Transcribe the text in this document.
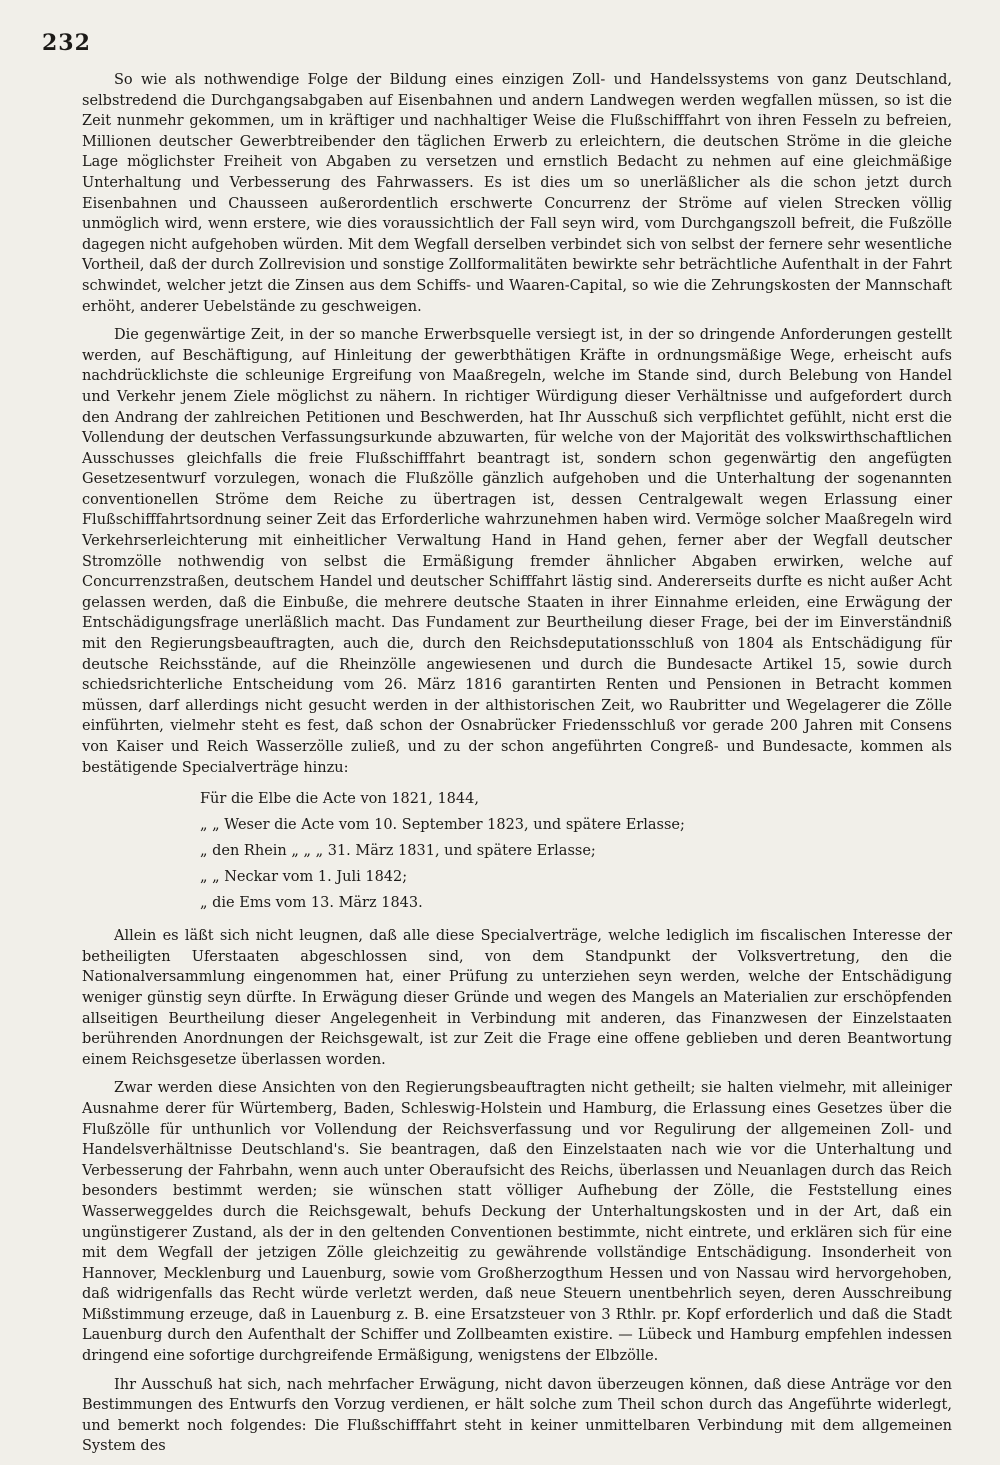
232

So wie als nothwendige Folge der Bildung eines einzigen Zoll- und Handelssystems von ganz Deutschland, selbstredend die Durchgangsabgaben auf Eisenbahnen und andern Landwegen werden wegfallen müssen, so ist die Zeit nunmehr gekommen, um in kräftiger und nachhaltiger Weise die Flußschifffahrt von ihren Fesseln zu befreien, Millionen deutscher Gewerbtreibender den täglichen Erwerb zu erleichtern, die deutschen Ströme in die gleiche Lage möglichster Freiheit von Abgaben zu versetzen und ernstlich Bedacht zu nehmen auf eine gleichmäßige Unterhaltung und Verbesserung des Fahrwassers. Es ist dies um so unerläßlicher als die schon jetzt durch Eisenbahnen und Chausseen außerordentlich erschwerte Concurrenz der Ströme auf vielen Strecken völlig unmöglich wird, wenn erstere, wie dies voraussichtlich der Fall seyn wird, vom Durchgangszoll befreit, die Fußzölle dagegen nicht aufgehoben würden. Mit dem Wegfall derselben verbindet sich von selbst der fernere sehr wesentliche Vortheil, daß der durch Zollrevision und sonstige Zollformalitäten bewirkte sehr beträchtliche Aufenthalt in der Fahrt schwindet, welcher jetzt die Zinsen aus dem Schiffs- und Waaren-Capital, so wie die Zehrungskosten der Mannschaft erhöht, anderer Uebelstände zu geschweigen.

Die gegenwärtige Zeit, in der so manche Erwerbsquelle versiegt ist, in der so dringende Anforderungen gestellt werden, auf Beschäftigung, auf Hinleitung der gewerbthätigen Kräfte in ordnungsmäßige Wege, erheischt aufs nachdrücklichste die schleunige Ergreifung von Maaßregeln, welche im Stande sind, durch Belebung von Handel und Verkehr jenem Ziele möglichst zu nähern. In richtiger Würdigung dieser Verhältnisse und aufgefordert durch den Andrang der zahlreichen Petitionen und Beschwerden, hat Ihr Ausschuß sich verpflichtet gefühlt, nicht erst die Vollendung der deutschen Verfassungsurkunde abzuwarten, für welche von der Majorität des volkswirthschaftlichen Ausschusses gleichfalls die freie Flußschifffahrt beantragt ist, sondern schon gegenwärtig den angefügten Gesetzesentwurf vorzulegen, wonach die Flußzölle gänzlich aufgehoben und die Unterhaltung der sogenannten conventionellen Ströme dem Reiche zu übertragen ist, dessen Centralgewalt wegen Erlassung einer Flußschifffahrtsordnung seiner Zeit das Erforderliche wahrzunehmen haben wird. Vermöge solcher Maaßregeln wird Verkehrserleichterung mit einheitlicher Verwaltung Hand in Hand gehen, ferner aber der Wegfall deutscher Stromzölle nothwendig von selbst die Ermäßigung fremder ähnlicher Abgaben erwirken, welche auf Concurrenzstraßen, deutschem Handel und deutscher Schifffahrt lästig sind. Andererseits durfte es nicht außer Acht gelassen werden, daß die Einbuße, die mehrere deutsche Staaten in ihrer Einnahme erleiden, eine Erwägung der Entschädigungsfrage unerläßlich macht. Das Fundament zur Beurtheilung dieser Frage, bei der im Einverständniß mit den Regierungsbeauftragten, auch die, durch den Reichsdeputationsschluß von 1804 als Entschädigung für deutsche Reichsstände, auf die Rheinzölle angewiesenen und durch die Bundesacte Artikel 15, sowie durch schiedsrichterliche Entscheidung vom 26. März 1816 garantirten Renten und Pensionen in Betracht kommen müssen, darf allerdings nicht gesucht werden in der althistorischen Zeit, wo Raubritter und Wegelagerer die Zölle einführten, vielmehr steht es fest, daß schon der Osnabrücker Friedensschluß vor gerade 200 Jahren mit Consens von Kaiser und Reich Wasserzölle zuließ, und zu der schon angeführten Congreß- und Bundesacte, kommen als bestätigende Specialverträge hinzu:

Für die Elbe die Acte von 1821, 1844,
„ „ Weser die Acte vom 10. September 1823, und spätere Erlasse;
„ den Rhein „ „ „ 31. März 1831, und spätere Erlasse;
„ „ Neckar vom 1. Juli 1842;
„ die Ems vom 13. März 1843.

Allein es läßt sich nicht leugnen, daß alle diese Specialverträge, welche lediglich im fiscalischen Interesse der betheiligten Uferstaaten abgeschlossen sind, von dem Standpunkt der Volksvertretung, den die Nationalversammlung eingenommen hat, einer Prüfung zu unterziehen seyn werden, welche der Entschädigung weniger günstig seyn dürfte. In Erwägung dieser Gründe und wegen des Mangels an Materialien zur erschöpfenden allseitigen Beurtheilung dieser Angelegenheit in Verbindung mit anderen, das Finanzwesen der Einzelstaaten berührenden Anordnungen der Reichsgewalt, ist zur Zeit die Frage eine offene geblieben und deren Beantwortung einem Reichsgesetze überlassen worden.

Zwar werden diese Ansichten von den Regierungsbeauftragten nicht getheilt; sie halten vielmehr, mit alleiniger Ausnahme derer für Würtemberg, Baden, Schleswig-Holstein und Hamburg, die Erlassung eines Gesetzes über die Flußzölle für unthunlich vor Vollendung der Reichsverfassung und vor Regulirung der allgemeinen Zoll- und Handelsverhältnisse Deutschland's. Sie beantragen, daß den Einzelstaaten nach wie vor die Unterhaltung und Verbesserung der Fahrbahn, wenn auch unter Oberaufsicht des Reichs, überlassen und Neuanlagen durch das Reich besonders bestimmt werden; sie wünschen statt völliger Aufhebung der Zölle, die Feststellung eines Wasserweggeldes durch die Reichsgewalt, behufs Deckung der Unterhaltungskosten und in der Art, daß ein ungünstigerer Zustand, als der in den geltenden Conventionen bestimmte, nicht eintrete, und erklären sich für eine mit dem Wegfall der jetzigen Zölle gleichzeitig zu gewährende vollständige Entschädigung. Insonderheit von Hannover, Mecklenburg und Lauenburg, sowie vom Großherzogthum Hessen und von Nassau wird hervorgehoben, daß widrigenfalls das Recht würde verletzt werden, daß neue Steuern unentbehrlich seyen, deren Ausschreibung Mißstimmung erzeuge, daß in Lauenburg z. B. eine Ersatzsteuer von 3 Rthlr. pr. Kopf erforderlich und daß die Stadt Lauenburg durch den Aufenthalt der Schiffer und Zollbeamten existire. — Lübeck und Hamburg empfehlen indessen dringend eine sofortige durchgreifende Ermäßigung, wenigstens der Elbzölle.

Ihr Ausschuß hat sich, nach mehrfacher Erwägung, nicht davon überzeugen können, daß diese Anträge vor den Bestimmungen des Entwurfs den Vorzug verdienen, er hält solche zum Theil schon durch das Angeführte widerlegt, und bemerkt noch folgendes: Die Flußschifffahrt steht in keiner unmittelbaren Verbindung mit dem allgemeinen System des
